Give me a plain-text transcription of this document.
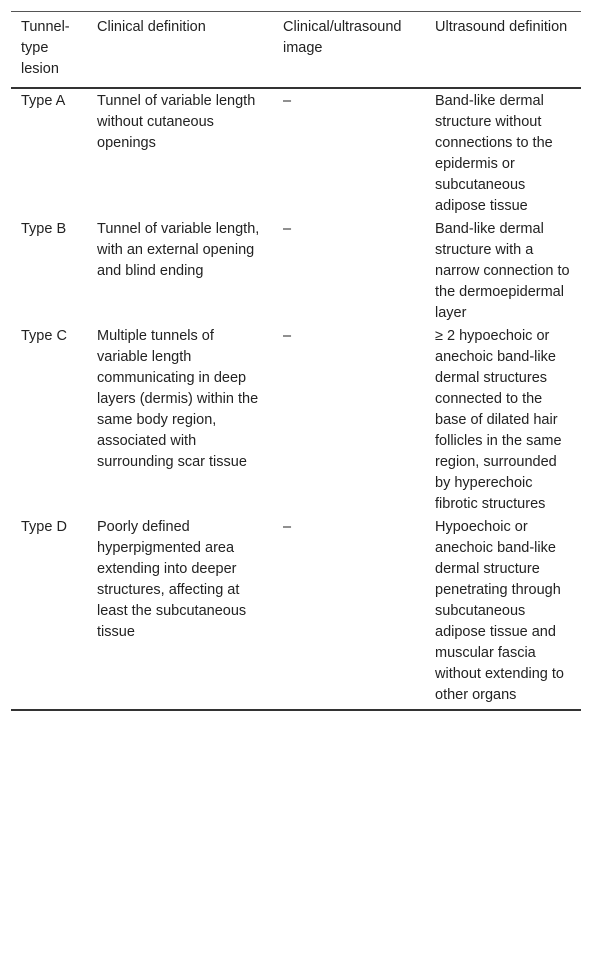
Tunnel-type lesion	Clinical definition	Clinical/ultrasound image	Ultrasound definition
Type A	Tunnel of variable length without cutaneous openings	–	Band-like dermal structure without connections to the epidermis or subcutaneous adipose tissue
Type B	Tunnel of variable length, with an external opening and blind ending	–	Band-like dermal structure with a narrow connection to the dermoepidermal layer
Type C	Multiple tunnels of variable length communicating in deep layers (dermis) within the same body region, associated with surrounding scar tissue	–	≥ 2 hypoechoic or anechoic band-like dermal structures connected to the base of dilated hair follicles in the same region, surrounded by hyperechoic fibrotic structures
Type D	Poorly defined hyperpigmented area extending into deeper structures, affecting at least the subcutaneous tissue	–	Hypoechoic or anechoic band-like dermal structure penetrating through subcutaneous adipose tissue and muscular fascia without extending to other organs
